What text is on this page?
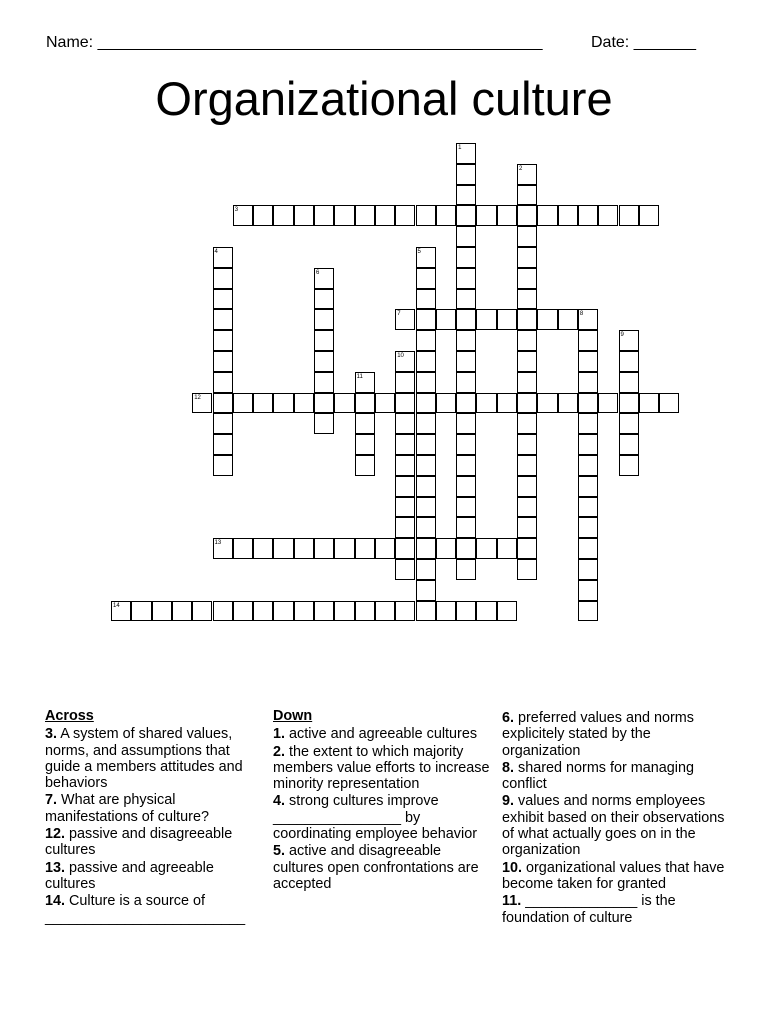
Name: __________________________________________________	Date: _______
Organizational culture
1
2
3
4	5
6
7	8
9
10
11
12
13
14
Across
3. A system of shared values, norms, and assumptions that guide a members attitudes and behaviors
7. What are physical manifestations of culture?
12. passive and disagreeable cultures
13. passive and agreeable cultures
14. Culture is a source of _________________________
Down
1. active and agreeable cultures
2. the extent to which majority members value efforts to increase minority representation
4. strong cultures improve ________________ by coordinating employee behavior
5. active and disagreeable cultures open confrontations are accepted
6. preferred values and norms explicitely stated by the organization
8. shared norms for managing conflict
9. values and norms employees exhibit based on their observations of what actually goes on in the organization
10. organizational values that have become taken for granted
11. ______________ is the foundation of culture
